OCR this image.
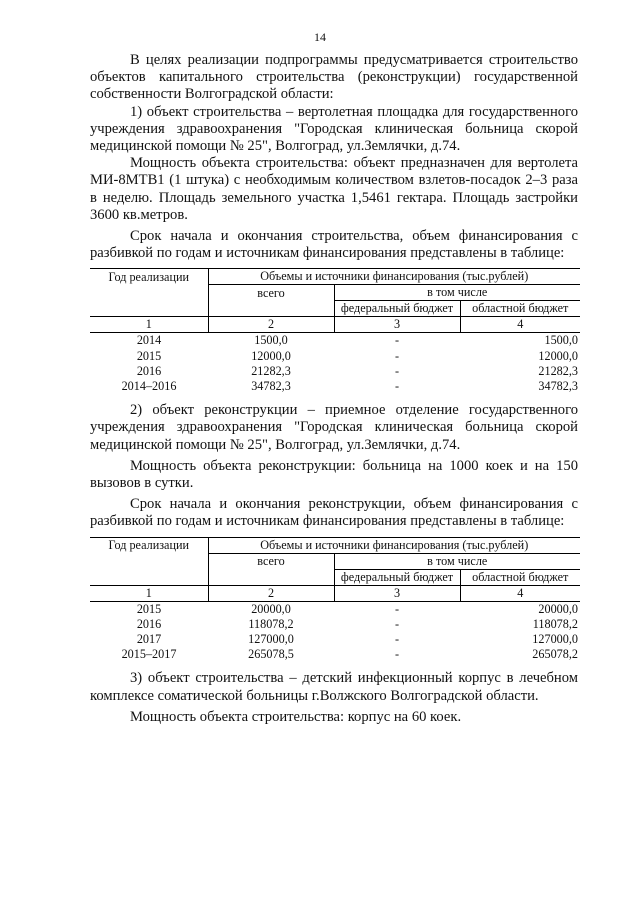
14

В целях реализации подпрограммы предусматривается строительство объектов капитального строительства (реконструкции) государственной собственности Волгоградской области:

1) объект строительства – вертолетная площадка для государственного учреждения здравоохранения "Городская клиническая больница скорой медицинской помощи № 25", Волгоград, ул.Землячки, д.74.

Мощность объекта строительства: объект предназначен для вертолета МИ-8МТВ1 (1 штука) с необходимым количеством взлетов-посадок 2–3 раза в неделю. Площадь земельного участка 1,5461 гектара. Площадь застройки 3600 кв.метров.

Срок начала и окончания строительства, объем финансирования с разбивкой по годам и источникам финансирования представлены в таблице:

Год реализации	Объемы и источники финансирования (тыс.рублей)		
	всего	в том числе	
		федеральный бюджет	областной бюджет
1	2	3	4
2014	1500,0	-	1500,0
2015	12000,0	-	12000,0
2016	21282,3	-	21282,3
2014–2016	34782,3	-	34782,3

2) объект реконструкции – приемное отделение государственного учреждения здравоохранения "Городская клиническая больница скорой медицинской помощи № 25", Волгоград, ул.Землячки, д.74.

Мощность объекта реконструкции: больница на 1000 коек и на 150 вызовов в сутки.

Срок начала и окончания реконструкции, объем финансирования с разбивкой по годам и источникам финансирования представлены в таблице:

Год реализации	Объемы и источники финансирования (тыс.рублей)		
	всего	в том числе	
		федеральный бюджет	областной бюджет
1	2	3	4
2015	20000,0	-	20000,0
2016	118078,2	-	118078,2
2017	127000,0	-	127000,0
2015–2017	265078,5	-	265078,2

3) объект строительства – детский инфекционный корпус в лечебном комплексе соматической больницы г.Волжского Волгоградской области.

Мощность объекта строительства: корпус на 60 коек.
